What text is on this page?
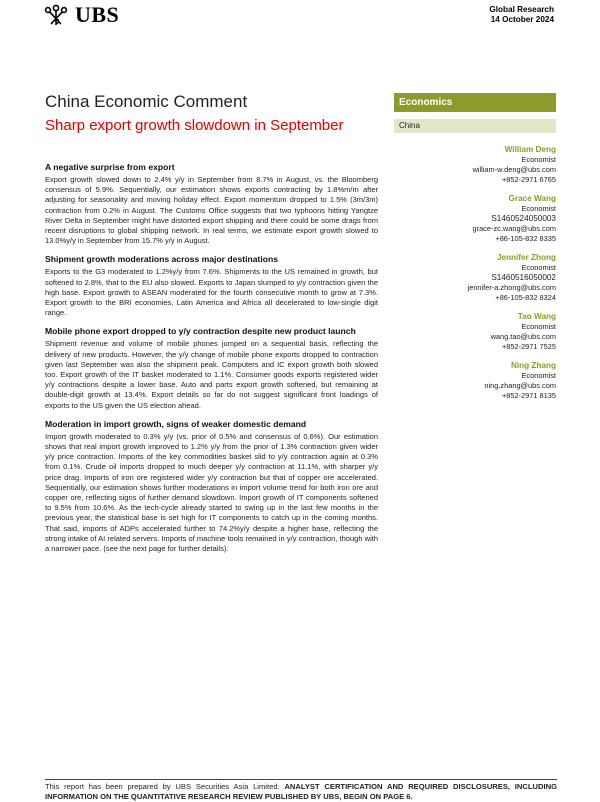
UBS	Global Research
14 October 2024
China Economic Comment
Sharp export growth slowdown in September
Economics
China
William Deng
Economist
william-w.deng@ubs.com
+852-2971 6765
Grace Wang
Economist
S1460524050003
grace-zc.wang@ubs.com
+86-105-832 8335
Jennifer Zhong
Economist
S1460516050002
jennifer-a.zhong@ubs.com
+86-105-832 8324
Tao Wang
Economist
wang.tao@ubs.com
+852-2971 7525
Ning Zhang
Economist
ning.zhang@ubs.com
+852-2971 8135
A negative surprise from export

Export growth slowed down to 2.4% y/y in September from 8.7% in August, vs. the Bloomberg consensus of 5.9%. Sequentially, our estimation shows exports contracting by 1.8%m/m after adjusting for seasonality and moving holiday effect. Export momentum dropped to 1.5% (3m/3m) contraction from 0.2% in August. The Customs Office suggests that two typhoons hitting Yangtze River Delta in September might have distorted export shipping and there could be some drags from recent disruptions to global shipping network. In real terms, we estimate export growth slowed to 13.0%y/y in September from 15.7% y/y in August.

Shipment growth moderations across major destinations

Exports to the G3 moderated to 1.2%y/y from 7.6%. Shipments to the US remained in growth, but softened to 2.8%, that to the EU also slowed. Exports to Japan slumped to y/y contraction given the high base. Export growth to ASEAN moderated for the fourth consecutive month to grow at 7.3%. Export growth to the BRI economies, Latin America and Africa all decelerated to low-single digit range.

Mobile phone export dropped to y/y contraction despite new product launch

Shipment revenue and volume of mobile phones jumped on a sequential basis, reflecting the delivery of new products. However, the y/y change of mobile phone exports dropped to contraction given last September was also the shipment peak. Computers and IC export growth both slowed too. Export growth of the IT basket moderated to 1.1%. Consumer goods exports registered wider y/y contractions despite a lower base. Auto and parts export growth softened, but remaining at double-digit growth at 13.4%. Export details so far do not suggest significant front loadings of exports to the US given the US election ahead.

Moderation in import growth, signs of weaker domestic demand

Import growth moderated to 0.3% y/y (vs. prior of 0.5% and consensus of 0.6%). Our estimation shows that real import growth improved to 1.2% y/y from the prior of 1.3% contraction given wider y/y price contraction. Imports of the key commodities basket slid to y/y contraction again at 0.3% from 0.1%. Crude oil imports dropped to much deeper y/y contraction at 11.1%, with sharper y/y price drag. Imports of iron ore registered wider y/y contraction but that of copper ore accelerated. Sequentially, our estimation shows further moderations in import volume trend for both iron ore and copper ore, reflecting signs of further demand slowdown. Import growth of IT components softened to 9.5% from 10.6%. As the tech-cycle already started to swing up in the last few months in the previous year, the statistical base is set high for IT components to catch up in the coming months. That said, imports of ADPs accelerated further to 74.2%y/y despite a higher base, reflecting the strong intake of AI related servers. Imports of machine tools remained in y/y contraction, though with a narrower pace. (see the next page for further details).

This report has been prepared by UBS Securities Asia Limited. ANALYST CERTIFICATION AND REQUIRED DISCLOSURES, INCLUDING INFORMATION ON THE QUANTITATIVE RESEARCH REVIEW PUBLISHED BY UBS, BEGIN ON PAGE 6.
